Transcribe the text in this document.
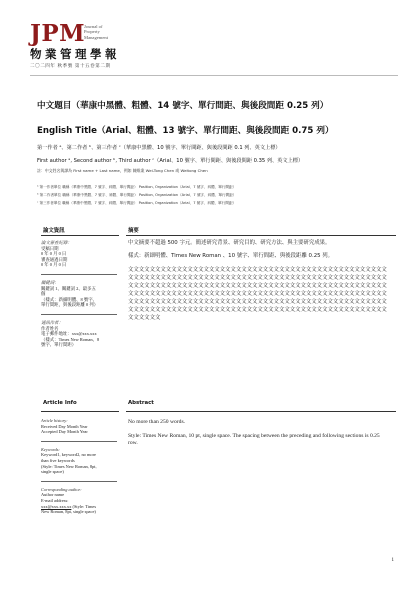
JPM
Journal of
Property
Management
物業管理學報
二〇二四年 秋季號 第十五卷第二期
中文題目（華康中黑體、粗體、14 號字、單行間距、與後段間距 0.25 列）
English Title（Arial、粗體、13 號字、單行間距、與後段間距 0.75 列）
第一作者 ᵃ、第二作者 ᵇ、第三作者 ᶜ（華康中黑體、10 號字、單行間距、與後段間距 0.1 列、英文上標）
First author ᵃ, Second author ᵇ, Third author ᶜ（Arial、10 號字、單行間距、與後段間距 0.35 列、英文上標）
註：中文姓名與譯為 First name + Last name，例如 陳維業 Wei-Tong Chen 或 Weitong Chen
ᵃ 第一作者單位 職稱（華康中黑體、7 號字、斜體、單行間距） Position, Organization（Arial、7 號字、斜體、單行間距）
ᵇ 第二作者單位 職稱（華康中黑體、7 號字、斜體、單行間距） Position, Organization（Arial、7 號字、斜體、單行間距）
ᶜ 第三作者單位 職稱（華康中黑體、7 號字、斜體、單行間距） Position, Organization（Arial、7 號字、斜體、單行間距）
論文資訊	摘要
論文審查紀錄：
受稿日期
0 年 0 月 0 日
審查通過日期
0 年 0 月 0 日
關鍵詞：
關鍵詞 1、關鍵詞 2、最多五
個
（樣式：新細明體、8 號字、
單行間距，與後段距離 0 列）
通訊作者：
作者姓名
電子郵件地址：xxx@xxx.xxx
（樣式：Times New Roman、8
號字、單行間距）

中文摘要不超過 500 字元。簡述研究背景、研究目的、研究方法、與主要研究成果。

樣式：新細明體、Times New Roman 、10 號字、單行間距、與後段距離 0.25 列。

文文文文文文文文文文文文文文文文文文文文文文文文文文文文文文文文文文文文文文文文文文文文文文文文文文文文文文文文文文文文文文文文文文文文文文文文文文文文文文文文文文文文文文文文文文文文文文文文文文文文文文文文文文文文文文文文文文文文文文文文文文文文文文文文文文文文文文文文文文文文文文文文文文文文文文文文文文文文文文文文文文文文文文文文文文文文文文文文文文文文文文文文文文文文文文文文文文文文文文文文文文文文文文文文文文文文文文文文文文文文文文文文文文文文文文文文文文文文文文文文文文文文文文文文文文文文文文文文文文文文文文文文文文文文文文文文文文文文文文文文文文文文文文文文文文文文文文

Article Info	Abstract
Article history:
Received Day Month Year
Accepted Day Month Year
Keywords:
Keyword1, keyword2, no more
than five keywords
(Style: Times New Roman, 8pt,
single space)
Corresponding author:
Author name
E-mail address:
xxx@xxx.xxx.xx (Style: Times
New Roman, 8pt, single space)

No more than 250 words.

Style: Times New Roman, 10 pt, single space. The spacing between the preceding and following sections is 0.25 row.

1
